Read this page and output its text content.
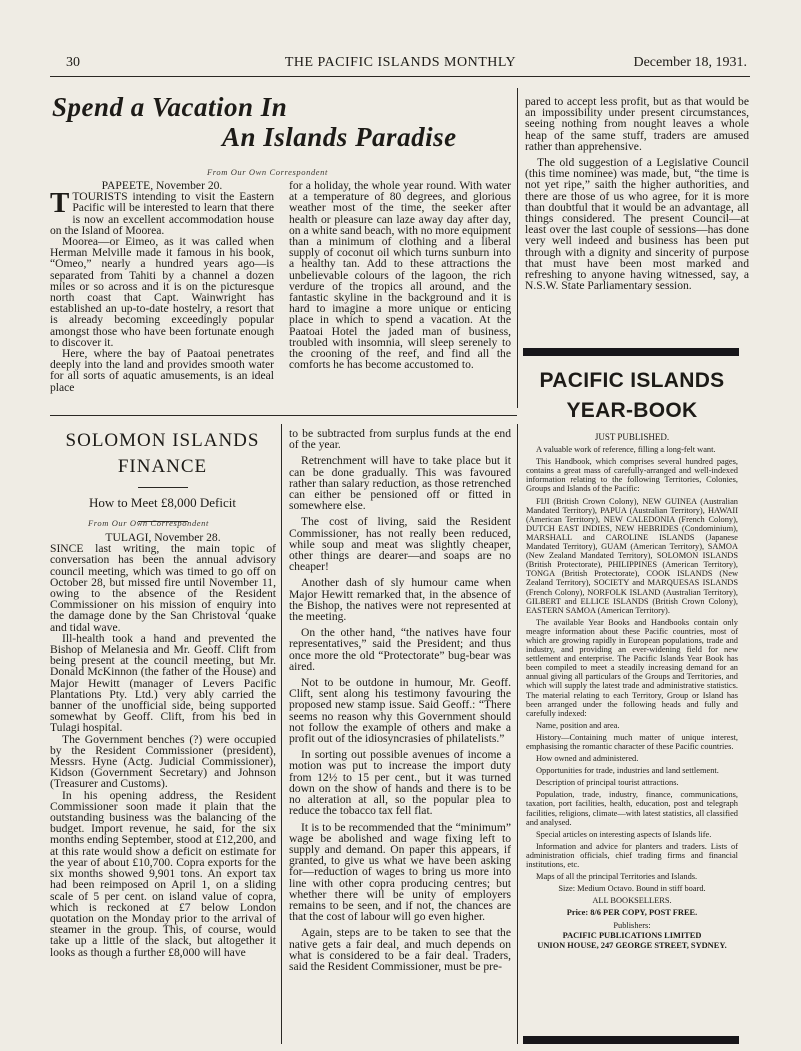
THE PACIFIC ISLANDS MONTHLY
30	December 18, 1931.
Spend a Vacation In
An Islands Paradise
From Our Own Correspondent

PAPEETE, November 20.

TTOURISTS intending to visit the Eastern Pacific will be interested to learn that there is now an excellent accommodation house on the Island of Moorea.

Moorea—or Eimeo, as it was called when Herman Melville made it famous in his book, “Omeo,” nearly a hundred years ago—is separated from Tahiti by a channel a dozen miles or so across and it is on the picturesque north coast that Capt. Wainwright has established an up-to-date hostelry, a resort that is already becoming exceedingly popular amongst those who have been fortunate enough to discover it.

Here, where the bay of Paatoai penetrates deeply into the land and provides smooth water for all sorts of aquatic amusements, is an ideal place

for a holiday, the whole year round. With water at a temperature of 80 degrees, and glorious weather most of the time, the seeker after health or pleasure can laze away day after day, on a white sand beach, with no more equipment than a minimum of clothing and a liberal supply of coconut oil which turns sunburn into a healthy tan. Add to these attractions the unbelievable colours of the lagoon, the rich verdure of the tropics all around, and the fantastic skyline in the background and it is hard to imagine a more unique or enticing place in which to spend a vacation. At the Paatoai Hotel the jaded man of business, troubled with insomnia, will sleep serenely to the crooning of the reef, and find all the comforts he has become accustomed to.

pared to accept less profit, but as that would be an impossibility under present circumstances, seeing nothing from nought leaves a whole heap of the same stuff, traders are amused rather than apprehensive.

The old suggestion of a Legislative Council (this time nominee) was made, but, “the time is not yet ripe,” saith the higher authorities, and there are those of us who agree, for it is more than doubtful that it would be an advantage, all things considered. The present Council—at least over the last couple of sessions—has done very well indeed and business has been put through with a dignity and sincerity of purpose that must have been most marked and refreshing to anyone having witnessed, say, a N.S.W. State Parliamentary session.

SOLOMON ISLANDS
FINANCE
How to Meet £8,000 Deficit
From Our Own Correspondent

TULAGI, November 28.

SINCE last writing, the main topic of conversation has been the annual advisory council meeting, which was timed to go off on October 28, but missed fire until November 11, owing to the absence of the Resident Commissioner on his mission of enquiry into the damage done by the San Christoval ‘quake and tidal wave.

Ill-health took a hand and prevented the Bishop of Melanesia and Mr. Geoff. Clift from being present at the council meeting, but Mr. Donald McKinnon (the father of the House) and Major Hewitt (manager of Levers Pacific Plantations Pty. Ltd.) very ably carried the banner of the unofficial side, being supported somewhat by Geoff. Clift, from his bed in Tulagi hospital.

The Government benches (?) were occupied by the Resident Commissioner (president), Messrs. Hyne (Actg. Judicial Commissioner), Kidson (Government Secretary) and Johnson (Treasurer and Customs).

In his opening address, the Resident Commissioner soon made it plain that the outstanding business was the balancing of the budget. Import revenue, he said, for the six months ending September, stood at £12,200, and at this rate would show a deficit on estimate for the year of about £10,700. Copra exports for the six months showed 9,901 tons. An export tax had been reimposed on April 1, on a sliding scale of 5 per cent. on island value of copra, which is reckoned at £7 below London quotation on the Monday prior to the arrival of steamer in the group. This, of course, would take up a little of the slack, but altogether it looks as though a further £8,000 will have

to be subtracted from surplus funds at the end of the year.

Retrenchment will have to take place but it can be done gradually. This was favoured rather than salary reduction, as those retrenched can either be pensioned off or fitted in somewhere else.

The cost of living, said the Resident Commissioner, has not really been reduced, while soup and meat was slightly cheaper, other things are dearer—and soaps are no cheaper!

Another dash of sly humour came when Major Hewitt remarked that, in the absence of the Bishop, the natives were not represented at the meeting.

On the other hand, “the natives have four representatives,” said the President; and thus once more the old “Protectorate” bug-bear was aired.

Not to be outdone in humour, Mr. Geoff. Clift, sent along his testimony favouring the proposed new stamp issue. Said Geoff.: “There seems no reason why this Government should not follow the example of others and make a profit out of the idiosyncrasies of philatelists.”

In sorting out possible avenues of income a motion was put to increase the import duty from 12½ to 15 per cent., but it was turned down on the show of hands and there is to be no alteration at all, so the popular plea to reduce the tobacco tax fell flat.

It is to be recommended that the “minimum” wage be abolished and wage fixing left to supply and demand. On paper this appears, if granted, to give us what we have been asking for—reduction of wages to bring us more into line with other copra producing centres; but whether there will be unity of employers remains to be seen, and if not, the chances are that the cost of labour will go even higher.

Again, steps are to be taken to see that the native gets a fair deal, and much depends on what is considered to be a fair deal. Traders, said the Resident Commissioner, must be pre-

PACIFIC ISLANDS
YEAR-BOOK

JUST PUBLISHED.

A valuable work of reference, filling a long-felt want.

This Handbook, which comprises several hundred pages, contains a great mass of carefully-arranged and well-indexed information relating to the following Territories, Colonies, Groups and Islands of the Pacific:

FIJI (British Crown Colony), NEW GUINEA (Australian Mandated Territory), PAPUA (Australian Territory), HAWAII (American Territory), NEW CALEDONIA (French Colony), DUTCH EAST INDIES, NEW HEBRIDES (Condominium), MARSHALL and CAROLINE ISLANDS (Japanese Mandated Territory), GUAM (American Territory), SAMOA (New Zealand Mandated Territory), SOLOMON ISLANDS (British Protectorate), PHILIPPINES (American Territory), TONGA (British Protectorate), COOK ISLANDS (New Zealand Territory), SOCIETY and MARQUESAS ISLANDS (French Colony), NORFOLK ISLAND (Australian Territory), GILBERT and ELLICE ISLANDS (British Crown Colony), EASTERN SAMOA (American Territory).

The available Year Books and Handbooks contain only meagre information about these Pacific countries, most of which are growing rapidly in European populations, trade and industry, and providing an ever-widening field for new settlement and enterprise. The Pacific Islands Year Book has been compiled to meet a steadily increasing demand for an annual giving all particulars of the Groups and Territories, and which will supply the latest trade and administrative statistics. The material relating to each Territory, Group or Island has been arranged under the following heads and fully and carefully indexed:

Name, position and area.

History—Containing much matter of unique interest, emphasising the romantic character of these Pacific countries.

How owned and administered.

Opportunities for trade, industries and land settlement.

Description of principal tourist attractions.

Population, trade, industry, finance, communications, taxation, port facilities, health, education, post and telegraph facilities, religions, climate—with latest statistics, all classified and analysed.

Special articles on interesting aspects of Islands life.

Information and advice for planters and traders. Lists of administration officials, chief trading firms and financial institutions, etc.

Maps of all the principal Territories and Islands.

Size: Medium Octavo. Bound in stiff board.

ALL BOOKSELLERS.

Price: 8/6 PER COPY, POST FREE.

Publishers:

PACIFIC PUBLICATIONS LIMITED

UNION HOUSE, 247 GEORGE STREET, SYDNEY.
